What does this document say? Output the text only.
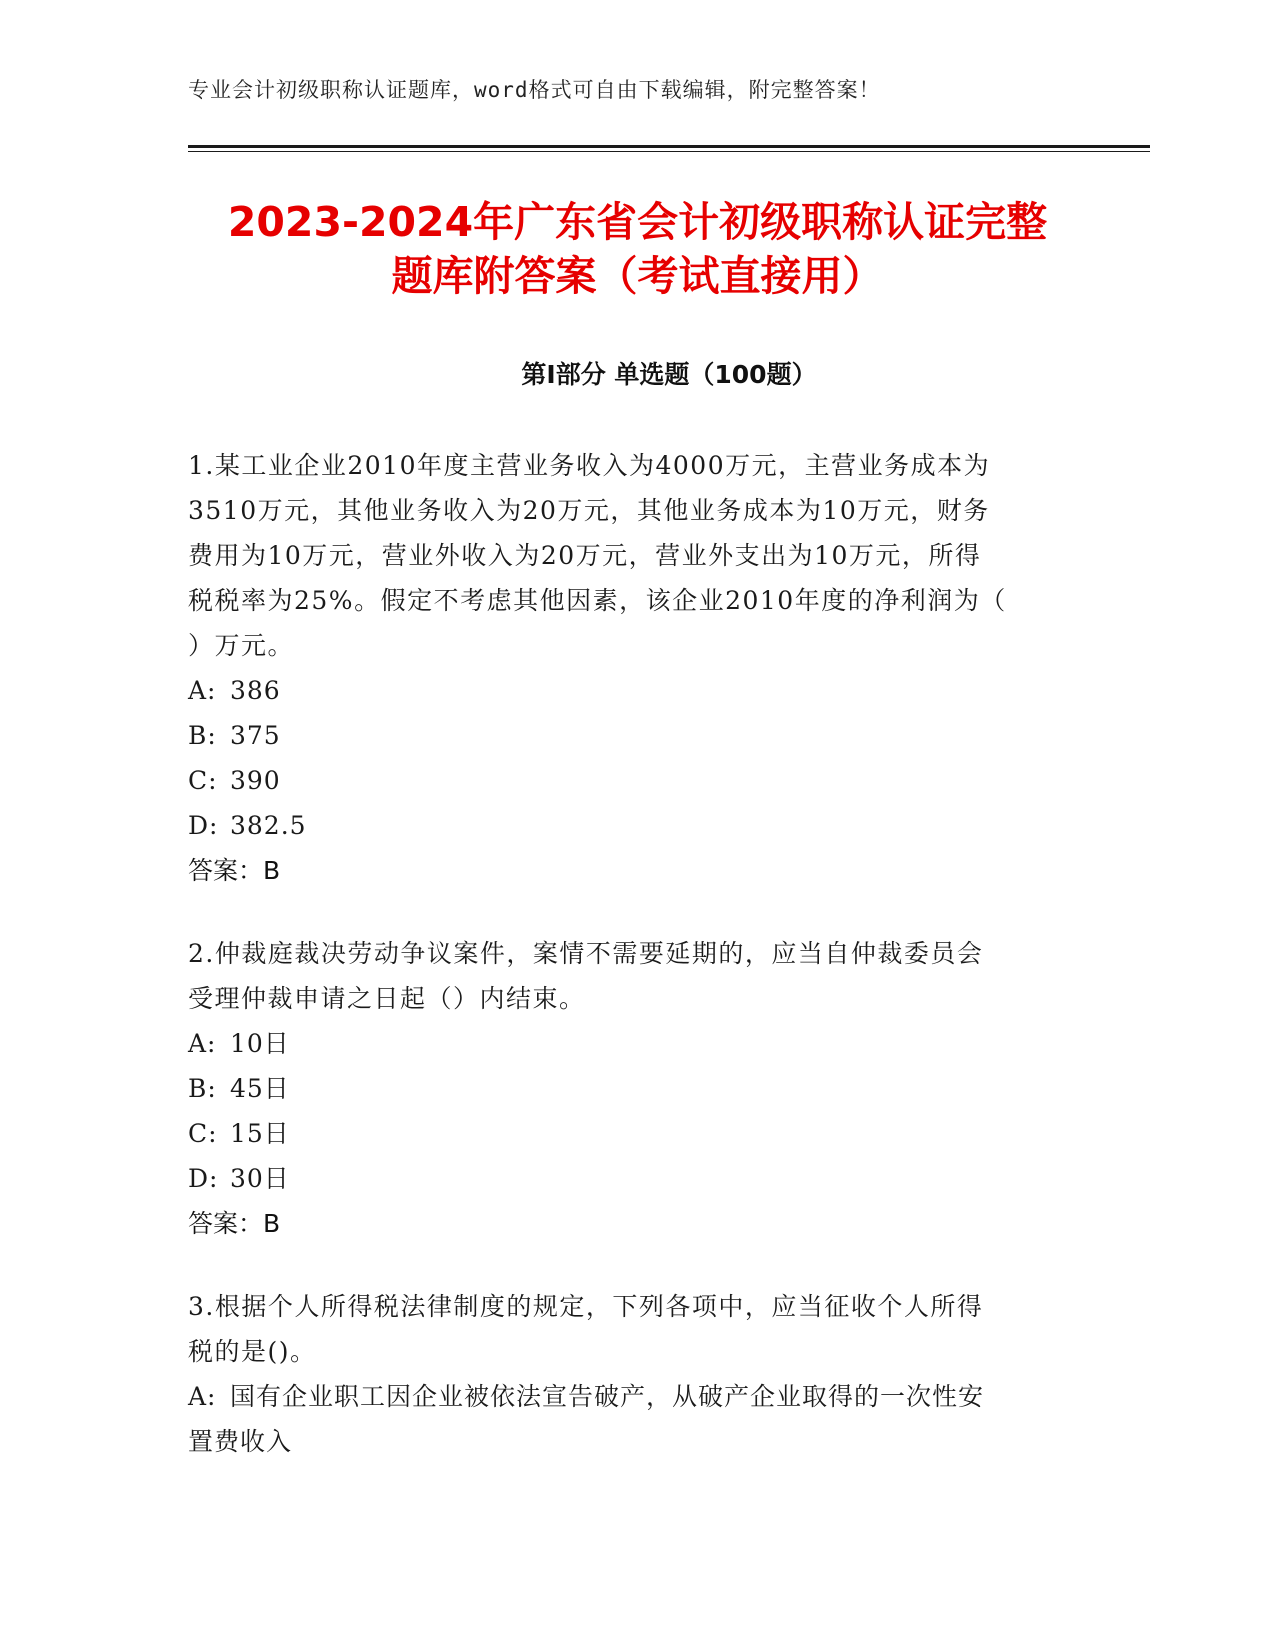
专业会计初级职称认证题库，word格式可自由下载编辑，附完整答案！
2023-2024年广东省会计初级职称认证完整
题库附答案（考试直接用）
第Ⅰ部分 单选题（100题）
1.某工业企业2010年度主营业务收入为4000万元，主营业务成本为
3510万元，其他业务收入为20万元，其他业务成本为10万元，财务
费用为10万元，营业外收入为20万元，营业外支出为10万元，所得
税税率为25%。假定不考虑其他因素，该企业2010年度的净利润为（
）万元。
A: 386
B: 375
C: 390
D: 382.5
答案：B
2.仲裁庭裁决劳动争议案件，案情不需要延期的，应当自仲裁委员会
受理仲裁申请之日起（）内结束。
A: 10日
B: 45日
C: 15日
D: 30日
答案：B
3.根据个人所得税法律制度的规定，下列各项中，应当征收个人所得
税的是()。
A: 国有企业职工因企业被依法宣告破产，从破产企业取得的一次性安
置费收入
